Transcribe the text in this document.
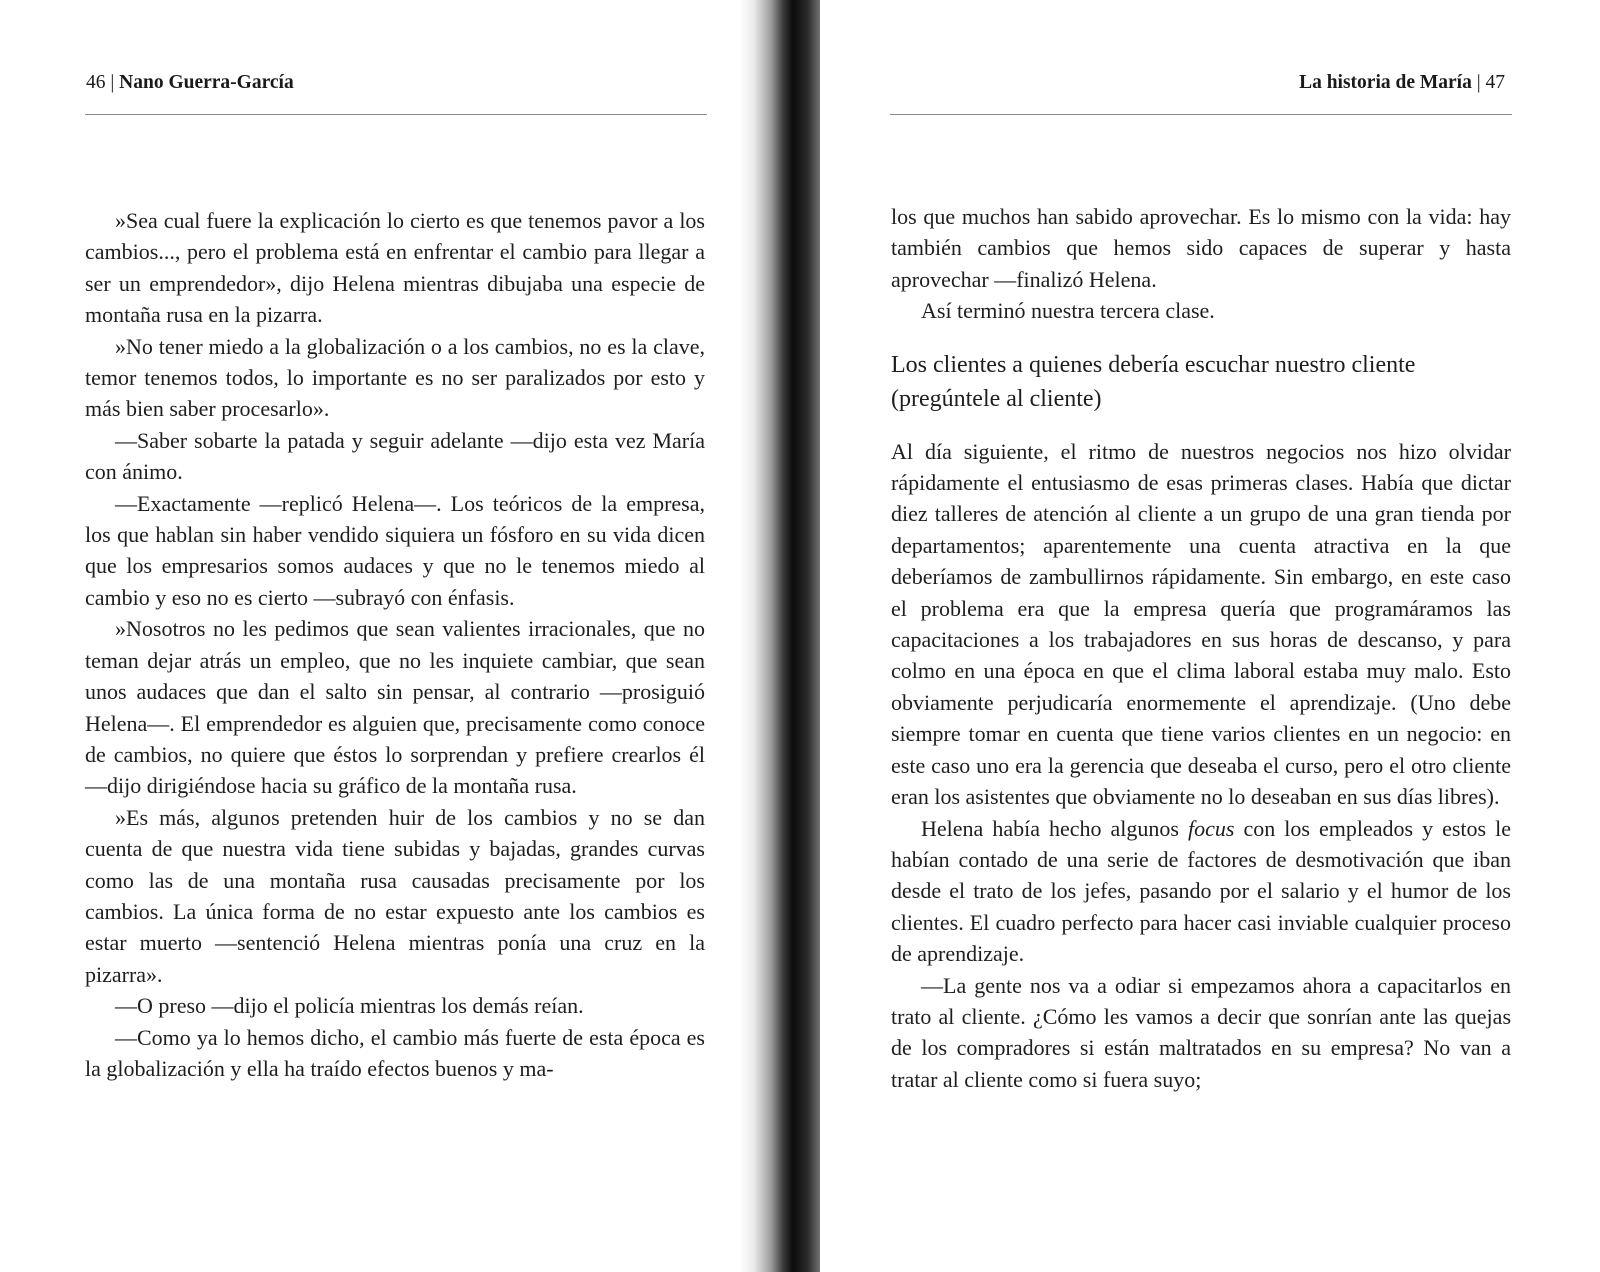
46 | Nano Guerra-García

»Sea cual fuere la explicación lo cierto es que tenemos pavor a los cambios..., pero el problema está en enfrentar el cambio para llegar a ser un emprendedor», dijo Helena mientras dibujaba una especie de montaña rusa en la pizarra.

»No tener miedo a la globalización o a los cambios, no es la clave, temor tenemos todos, lo importante es no ser paralizados por esto y más bien saber procesarlo».

—Saber sobarte la patada y seguir adelante —dijo esta vez María con ánimo.

—Exactamente —replicó Helena—. Los teóricos de la empresa, los que hablan sin haber vendido siquiera un fósforo en su vida dicen que los empresarios somos audaces y que no le tenemos miedo al cambio y eso no es cierto —subrayó con énfasis.

»Nosotros no les pedimos que sean valientes irracionales, que no teman dejar atrás un empleo, que no les inquiete cambiar, que sean unos audaces que dan el salto sin pensar, al contrario —prosiguió Helena—. El emprendedor es alguien que, precisamente como conoce de cambios, no quiere que éstos lo sorprendan y prefiere crearlos él —dijo dirigiéndose hacia su gráfico de la montaña rusa.

»Es más, algunos pretenden huir de los cambios y no se dan cuenta de que nuestra vida tiene subidas y bajadas, grandes curvas como las de una montaña rusa causadas precisamente por los cambios. La única forma de no estar expuesto ante los cambios es estar muerto —sentenció Helena mientras ponía una cruz en la pizarra».

—O preso —dijo el policía mientras los demás reían.

—Como ya lo hemos dicho, el cambio más fuerte de esta época es la globalización y ella ha traído efectos buenos y ma-

La historia de María | 47

los que muchos han sabido aprovechar. Es lo mismo con la vida: hay también cambios que hemos sido capaces de superar y hasta aprovechar —finalizó Helena.

Así terminó nuestra tercera clase.

Los clientes a quienes debería escuchar nuestro cliente (pregúntele al cliente)

Al día siguiente, el ritmo de nuestros negocios nos hizo olvidar rápidamente el entusiasmo de esas primeras clases. Había que dictar diez talleres de atención al cliente a un grupo de una gran tienda por departamentos; aparentemente una cuenta atractiva en la que deberíamos de zambullirnos rápidamente. Sin embargo, en este caso el problema era que la empresa quería que programáramos las capacitaciones a los trabajadores en sus horas de descanso, y para colmo en una época en que el clima laboral estaba muy malo. Esto obviamente perjudicaría enormemente el aprendizaje. (Uno debe siempre tomar en cuenta que tiene varios clientes en un negocio: en este caso uno era la gerencia que deseaba el curso, pero el otro cliente eran los asistentes que obviamente no lo deseaban en sus días libres).

Helena había hecho algunos focus con los empleados y estos le habían contado de una serie de factores de desmotivación que iban desde el trato de los jefes, pasando por el salario y el humor de los clientes. El cuadro perfecto para hacer casi inviable cualquier proceso de aprendizaje.

—La gente nos va a odiar si empezamos ahora a capacitarlos en trato al cliente. ¿Cómo les vamos a decir que sonrían ante las quejas de los compradores si están maltratados en su empresa? No van a tratar al cliente como si fuera suyo;
